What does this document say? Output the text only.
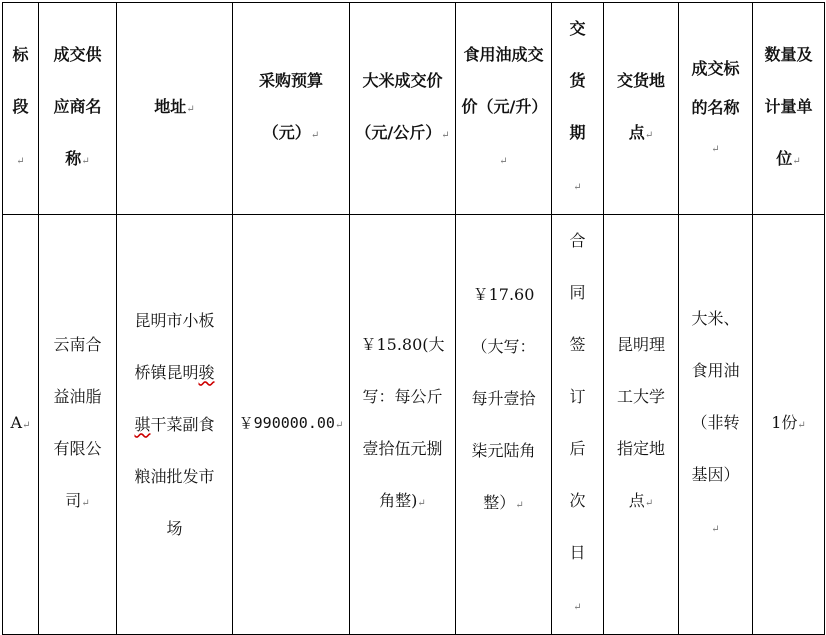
标段↵	成交供应商名称↵	地址↵	采购预算（元）↵	大米成交价（元/公斤）↵	食用油成交价（元/升）↵	交货期↵	交货地点↵	成交标的名称↵	数量及计量单位↵

A↵	云南合益油脂有限公司↵	昆明市小板桥镇昆明骏骐干菜副食粮油批发市场	￥990000.00↵	￥15.80(大写：每公斤壹拾伍元捌角整)↵	￥17.60（大写：每升壹拾柒元陆角整）↵	合同签订后次日↵	昆明理工大学指定地点↵	大米、食用油（非转基因）↵	1份↵
